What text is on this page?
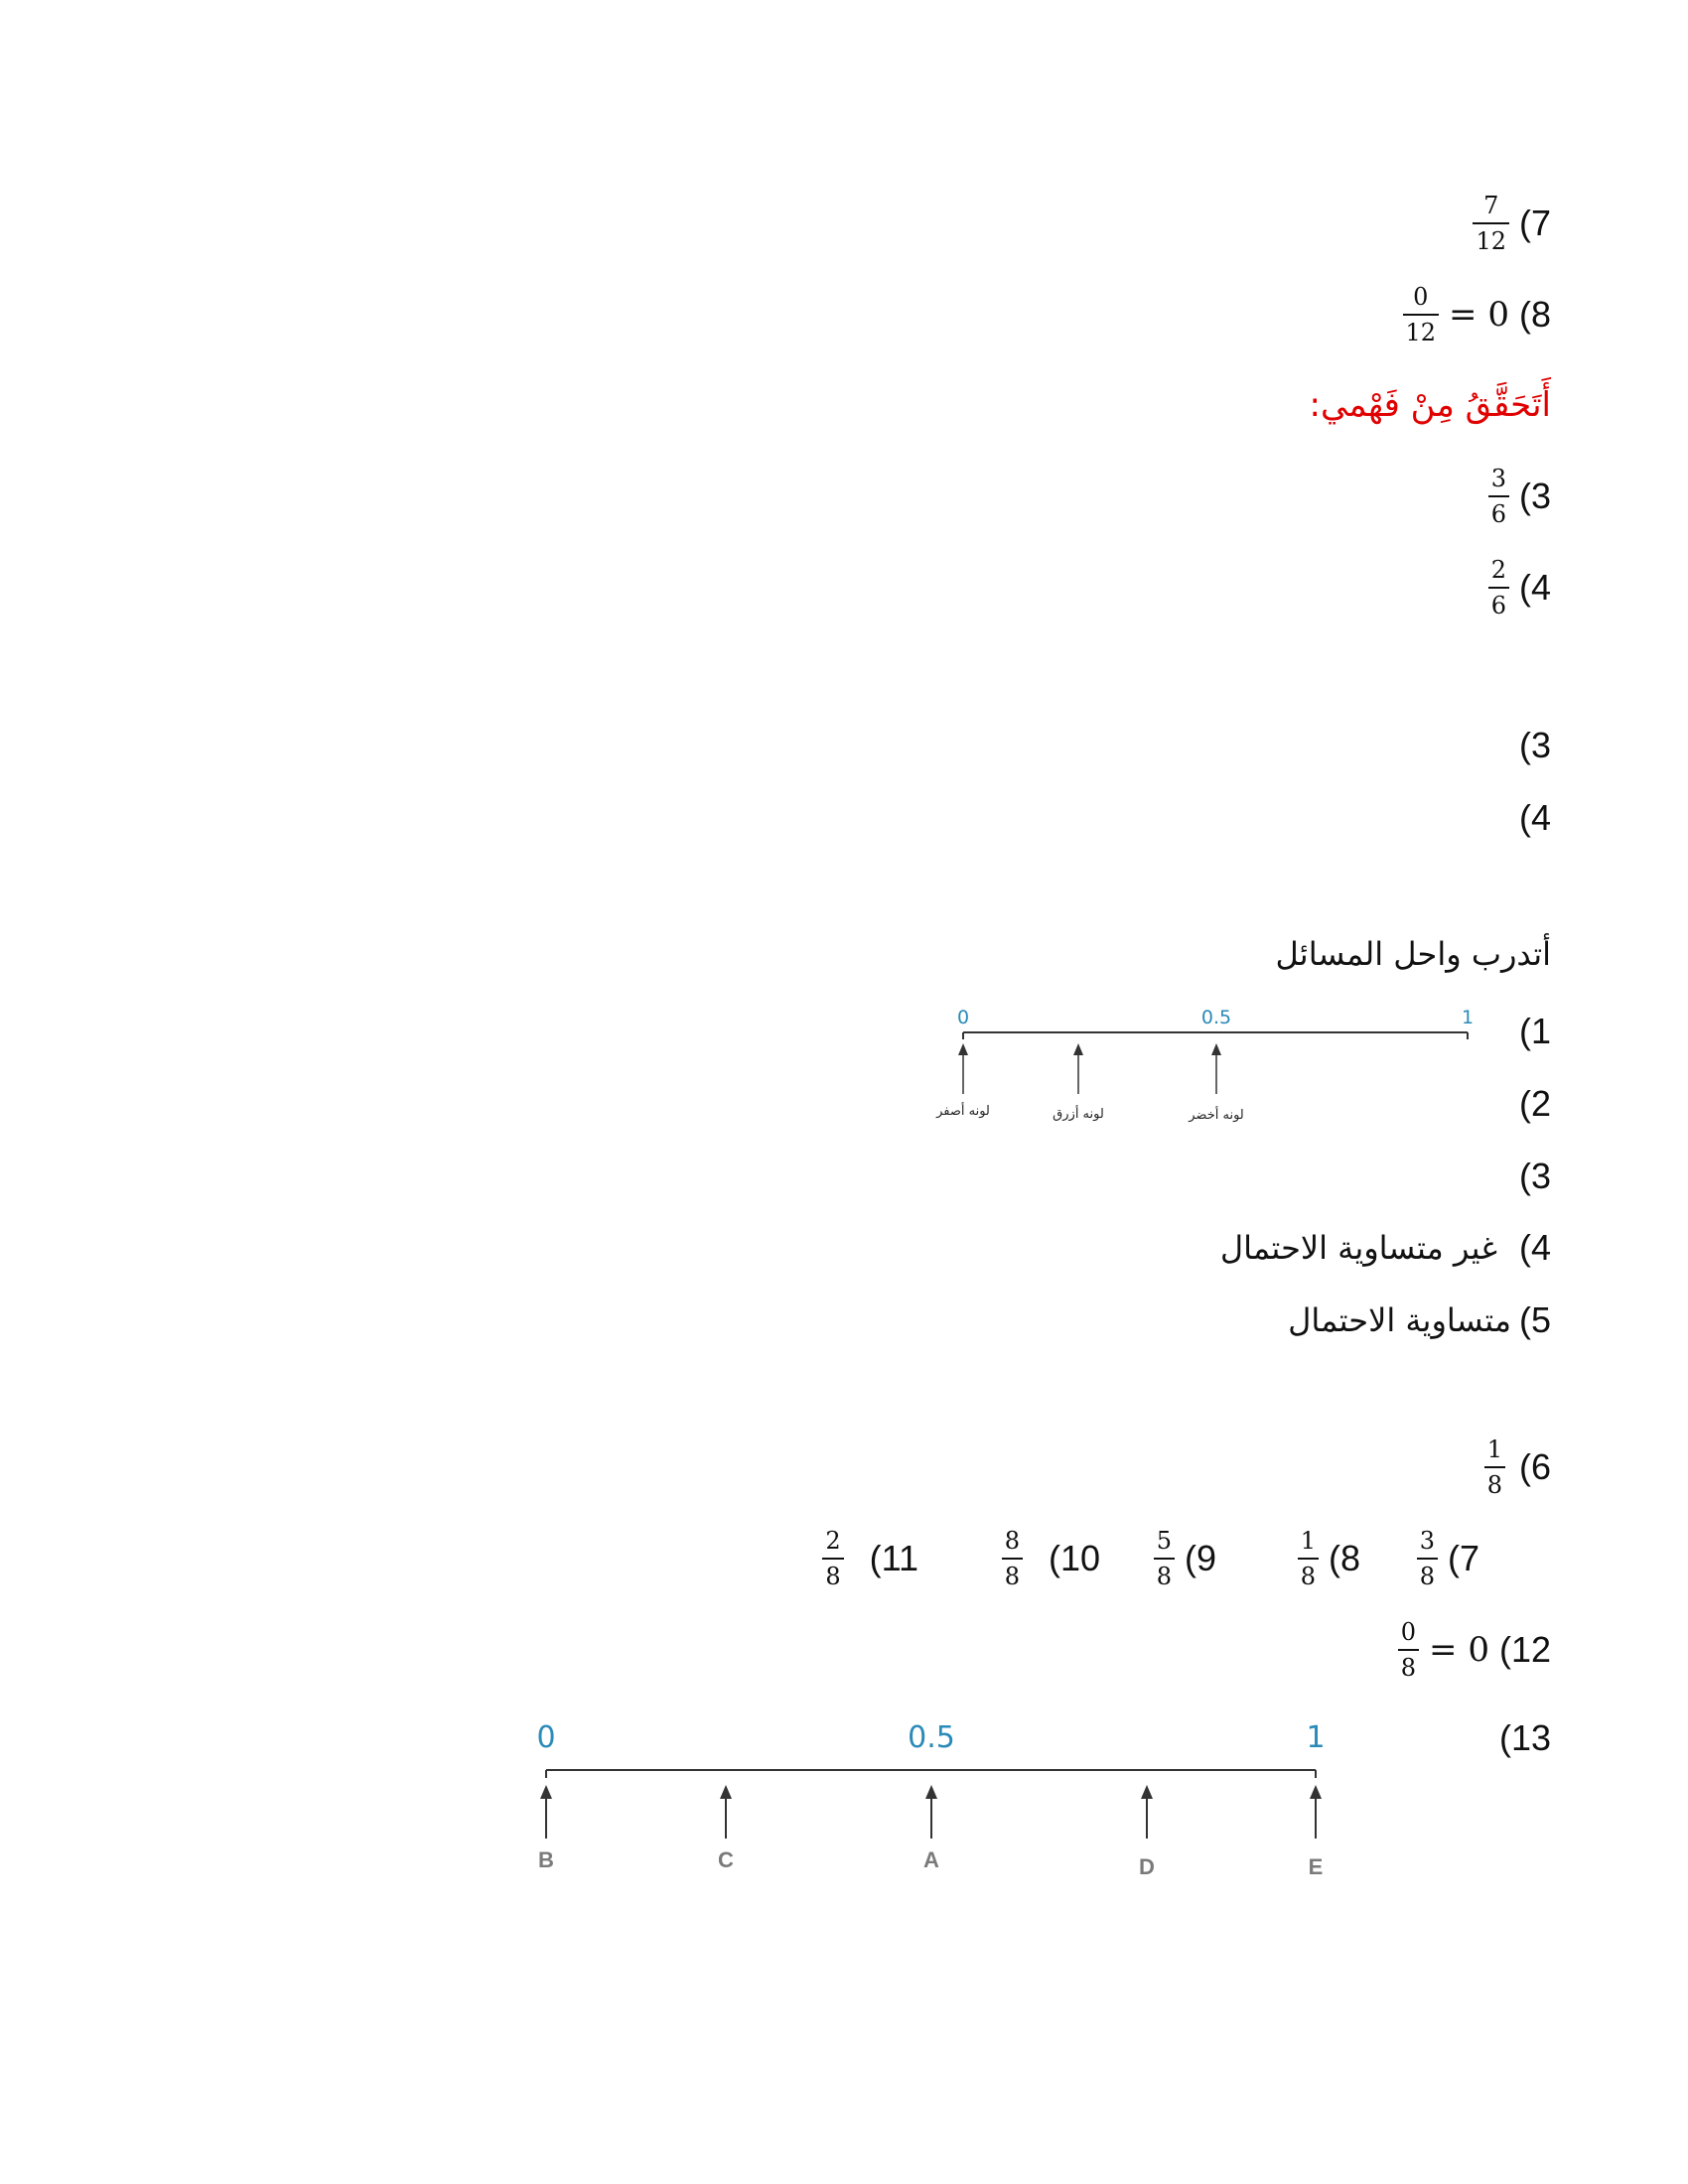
$\frac{7}{12} (7$
$\frac{0}{12} = 0$ (8
أَتَحَقَّقُ مِنْ فَهْمي:
$\frac{3}{6} (3$
$\frac{2}{6} (4$
(3
(4
أتدرب واحل المسائل
(1
(2
(3
غير متساوية الاحتمال (4
متساوية الاحتمال (5
0	0.5	1
لونه أصفر	لونه أزرق	لونه أخضر
$\frac{1}{8} (6$
$\frac{3}{8} (7$
$\frac{1}{8} (8$
$\frac{5}{8} (9$
$\frac{8}{8} (10$
$\frac{2}{8} (11$
$\frac{0}{8} = 0$ (12
(13
0	0.5	1
B	C	A	D	E
